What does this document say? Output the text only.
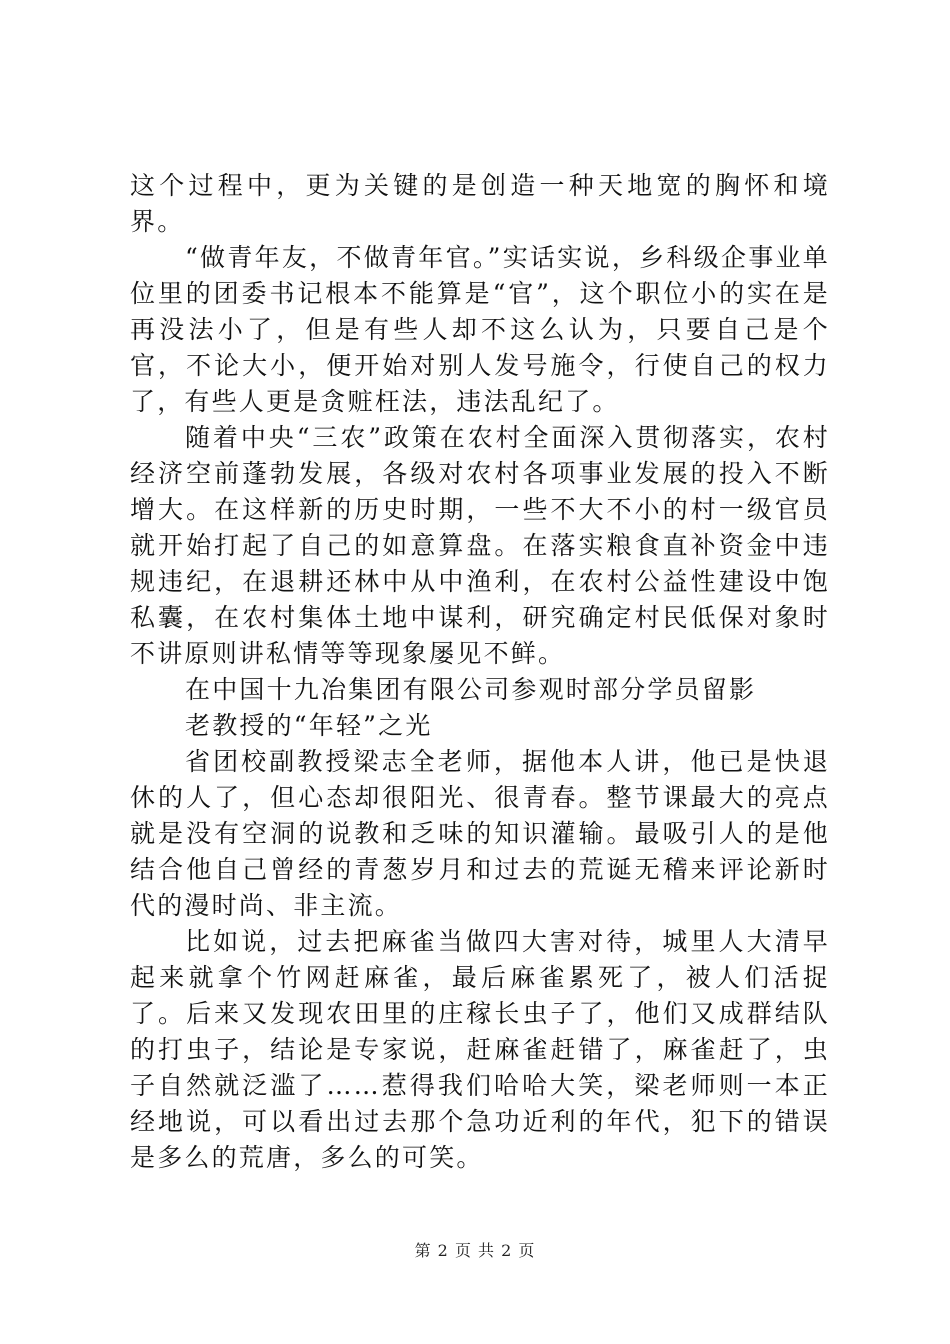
这个过程中，更为关键的是创造一种天地宽的胸怀和境界。

“做青年友，不做青年官。”实话实说，乡科级企事业单位里的团委书记根本不能算是“官”，这个职位小的实在是再没法小了，但是有些人却不这么认为，只要自己是个官，不论大小，便开始对别人发号施令，行使自己的权力了，有些人更是贪赃枉法，违法乱纪了。

随着中央“三农”政策在农村全面深入贯彻落实，农村经济空前蓬勃发展，各级对农村各项事业发展的投入不断增大。在这样新的历史时期，一些不大不小的村一级官员就开始打起了自己的如意算盘。在落实粮食直补资金中违规违纪，在退耕还林中从中渔利，在农村公益性建设中饱私囊，在农村集体土地中谋利，研究确定村民低保对象时不讲原则讲私情等等现象屡见不鲜。

在中国十九冶集团有限公司参观时部分学员留影

老教授的“年轻”之光

省团校副教授梁志全老师，据他本人讲，他已是快退休的人了，但心态却很阳光、很青春。整节课最大的亮点就是没有空洞的说教和乏味的知识灌输。最吸引人的是他结合他自己曾经的青葱岁月和过去的荒诞无稽来评论新时代的漫时尚、非主流。

比如说，过去把麻雀当做四大害对待，城里人大清早起来就拿个竹网赶麻雀，最后麻雀累死了，被人们活捉了。后来又发现农田里的庄稼长虫子了，他们又成群结队的打虫子，结论是专家说，赶麻雀赶错了，麻雀赶了，虫子自然就泛滥了……惹得我们哈哈大笑，梁老师则一本正经地说，可以看出过去那个急功近利的年代，犯下的错误是多么的荒唐，多么的可笑。

第 2 页 共 2 页
